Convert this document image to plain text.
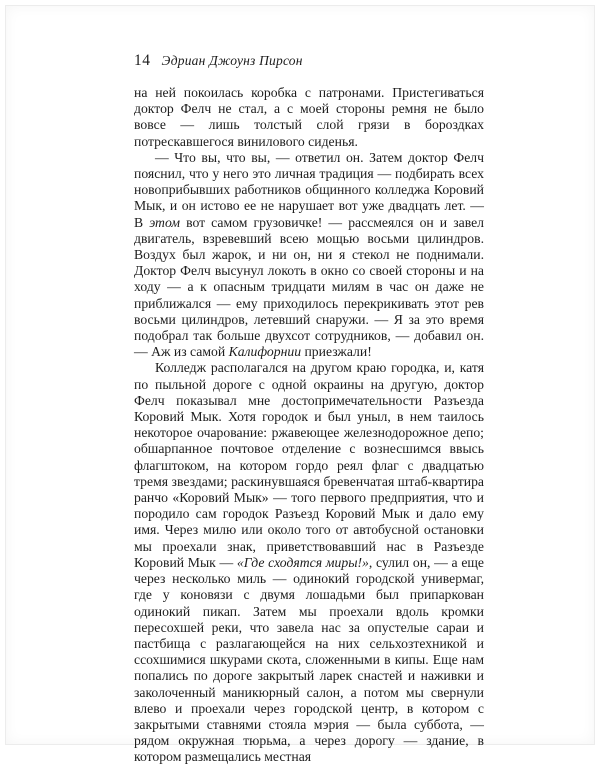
14 Эдриан Джоунз Пирсон

на ней покоилась коробка с патронами. Пристегиваться доктор Фелч не стал, а с моей стороны ремня не было вовсе — лишь толстый слой грязи в бороздках потрескавшегося винилового сиденья.

— Что вы, что вы, — ответил он. Затем доктор Фелч пояснил, что у него это личная традиция — подбирать всех новоприбывших работников общинного колледжа Коровий Мык, и он истово ее не нарушает вот уже двадцать лет. — В этом вот самом грузовичке! — рассмеялся он и завел двигатель, взревевший всею мощью восьми цилиндров. Воздух был жарок, и ни он, ни я стекол не поднимали. Доктор Фелч высунул локоть в окно со своей стороны и на ходу — а к опасным тридцати милям в час он даже не приближался — ему приходилось перекрикивать этот рев восьми цилиндров, летевший снаружи. — Я за это время подобрал так больше двухсот сотрудников, — добавил он. — Аж из самой Калифорнии приезжали!

Колледж располагался на другом краю городка, и, катя по пыльной дороге с одной окраины на другую, доктор Фелч показывал мне достопримечательности Разъезда Коровий Мык. Хотя городок и был уныл, в нем таилось некоторое очарование: ржавеющее железнодорожное депо; обшарпанное почтовое отделение с вознесшимся ввысь флагштоком, на котором гордо реял флаг с двадцатью тремя звездами; раскинувшаяся бревенчатая штаб-квартира ранчо «Коровий Мык» — того первого предприятия, что и породило сам городок Разъезд Коровий Мык и дало ему имя. Через милю или около того от автобусной остановки мы проехали знак, приветствовавший нас в Разъезде Коровий Мык — «Где сходятся миры!», сулил он, — а еще через несколько миль — одинокий городской универмаг, где у коновязи с двумя лошадьми был припаркован одинокий пикап. Затем мы проехали вдоль кромки пересохшей реки, что завела нас за опустелые сараи и пастбища с разлагающейся на них сельхозтехникой и ссохшимися шкурами скота, сложенными в кипы. Еще нам попались по дороге закрытый ларек снастей и наживки и заколоченный маникюрный салон, а потом мы свернули влево и проехали через городской центр, в котором с закрытыми ставнями стояла мэрия — была суббота, — рядом окружная тюрьма, а через дорогу — здание, в котором размещались местная
